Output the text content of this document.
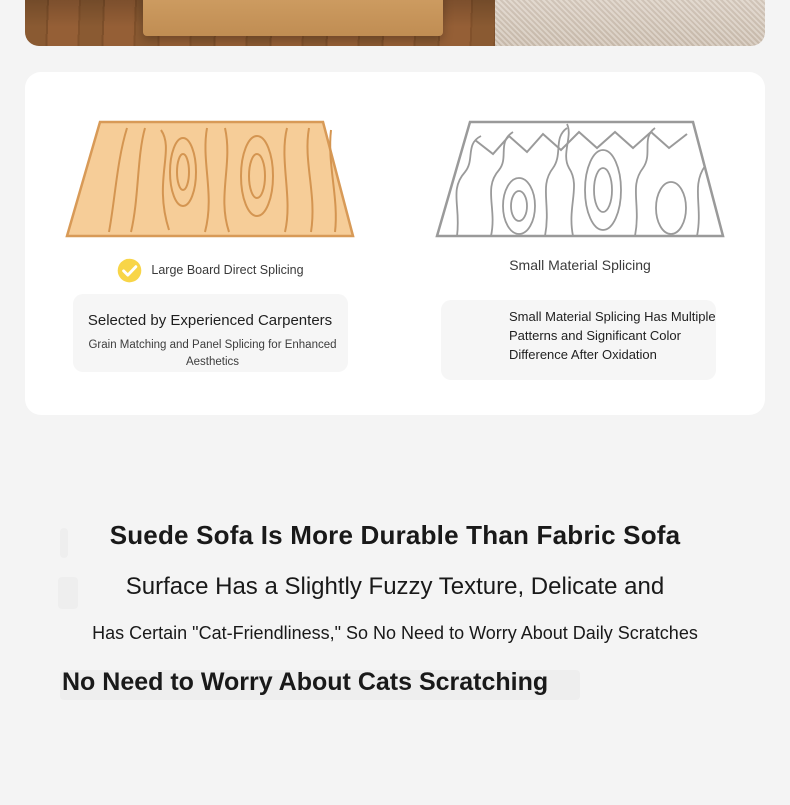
Large Board Direct Splicing
Selected by Experienced Carpenters
Grain Matching and Panel Splicing for Enhanced Aesthetics
Small Material Splicing
Small Material Splicing Has Multiple Patterns and Significant Color Difference After Oxidation
Suede Sofa Is More Durable Than Fabric Sofa
Surface Has a Slightly Fuzzy Texture, Delicate and
Has Certain "Cat-Friendliness," So No Need to Worry About Daily Scratches
No Need to Worry About Cats Scratching
